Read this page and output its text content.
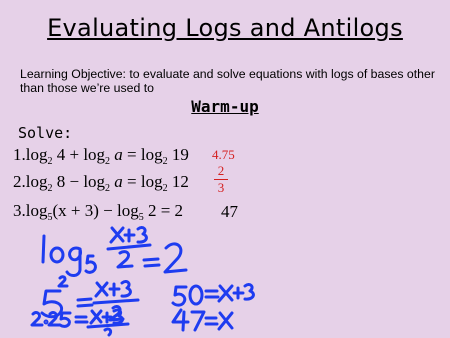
Evaluating Logs and Antilogs
Learning Objective: to evaluate and solve equations with logs of bases other than those we’re used to
Warm-up
Solve:
$1.\log_2$ $4 + \log_2 a = \log_2 19$
$2.\log_2$ $8 - \log_2 a = \log_2 12$
$3.\log_5(x + 3) - \log_5 2 = 2$
4.75
2
3
47
